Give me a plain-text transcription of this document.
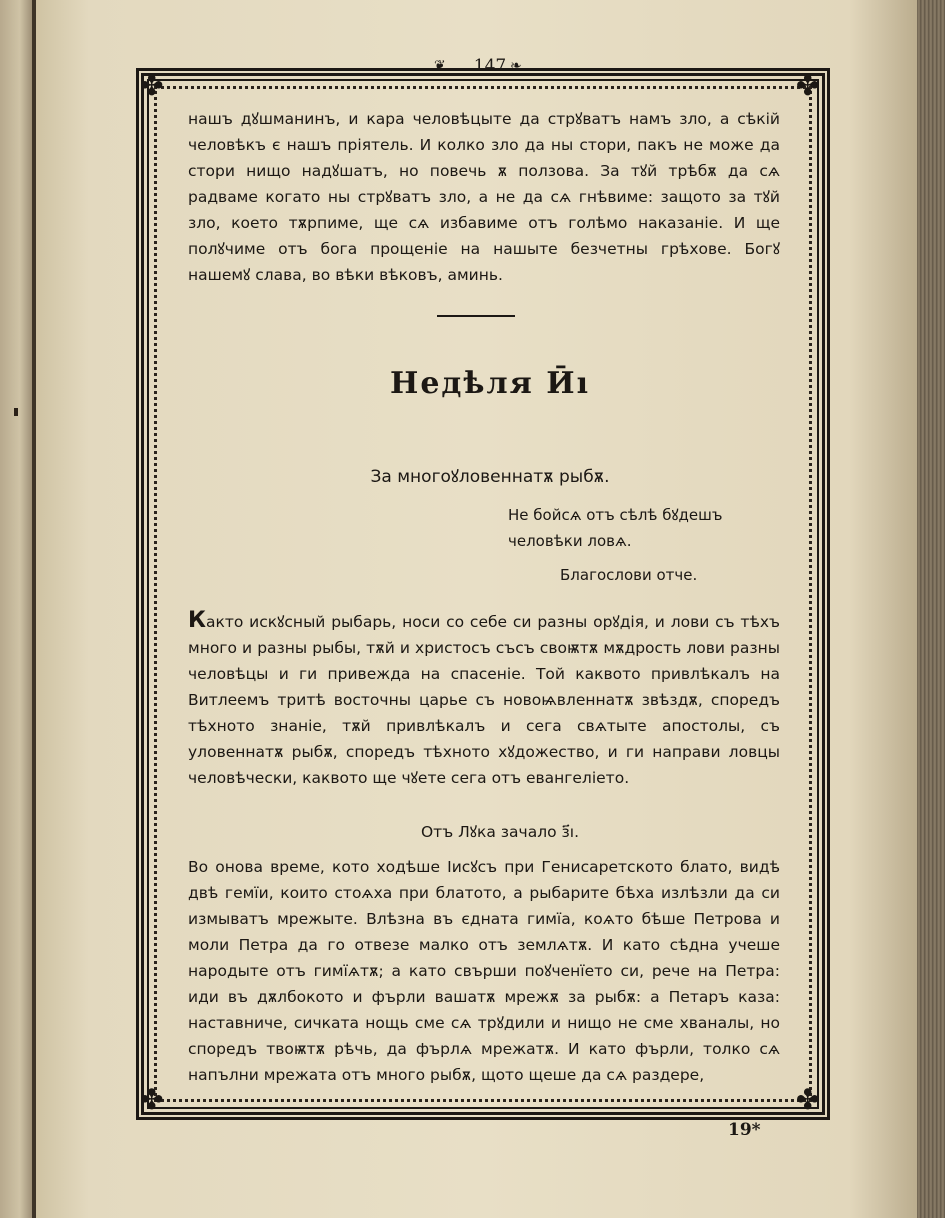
❦ 147 ❧
✤	✤
✤	✤
нашъ дꙋшманинъ, и кара человѣцыте да стрꙋватъ намъ зло, а сѣкій человѣкъ є нашъ пріятель. И колко зло да ны стори, пакъ не може да стори нищо надꙋшатъ, но повечь ѫ ползова. За тꙋй трѣбѫ да сѧ радваме когато ны стрꙋватъ зло, а не да сѧ гнѣвиме: защото за тꙋй зло, което тѫрпиме, ще сѧ избавиме отъ голѣмо наказаніе. И ще полꙋчиме отъ бога прощеніе на нашыте безчетны грѣхове. Богꙋ нашемꙋ слава, во вѣки вѣковъ, аминь.
Недѣля Ӣı
За многоꙋловеннатѫ рыбѫ.
Не бойсѧ отъ сѣлѣ бꙋдешъ человѣки ловѧ.
Благослови отче.
Както искꙋсный рыбарь, носи со себе си разны орꙋдія, и лови съ тѣхъ много и разны рыбы, тѫй и христосъ съсъ своѭтѫ мѫдрость лови разны человѣцы и ги привежда на спасеніе. Той каквото привлѣкалъ на Витлеемъ тритѣ восточны царье съ новоѩвленнатѫ звѣздѫ, споредъ тѣхното знаніе, тѫй привлѣкалъ и сега свѧтыте апостолы, съ уловеннатѫ рыбѫ, споредъ тѣхното хꙋдожество, и ги направи ловцы человѣчески, каквото ще чꙋете сега отъ евангеліето.
Отъ Лꙋка зачало з҃ı.
Во онова време, кото ходѣше Іисꙋсъ при Генисаретското блато, видѣ двѣ гемїи, които стоѧха при блатото, а рыбарите бѣха излѣзли да си измыватъ мрежыте. Влѣзна въ єдната гимїа, коѧто бѣше Петрова и моли Петра да го отвезе малко отъ землѧтѫ. И като сѣдна учеше народыте отъ гимїѧтѫ; а като свърши поꙋченїето си, рече на Петра: иди въ дѫлбокото и фърли вашатѫ мрежѫ за рыбѫ: а Петаръ каза: наставниче, сичката нощь сме сѧ трꙋдили и нищо не сме хваналы, но споредъ твоѭтѫ рѣчь, да фърлѧ мрежатѫ. И като фърли, толко сѧ напълни мрежата отъ много рыбѫ, щото щеше да сѧ раздере,
19*
